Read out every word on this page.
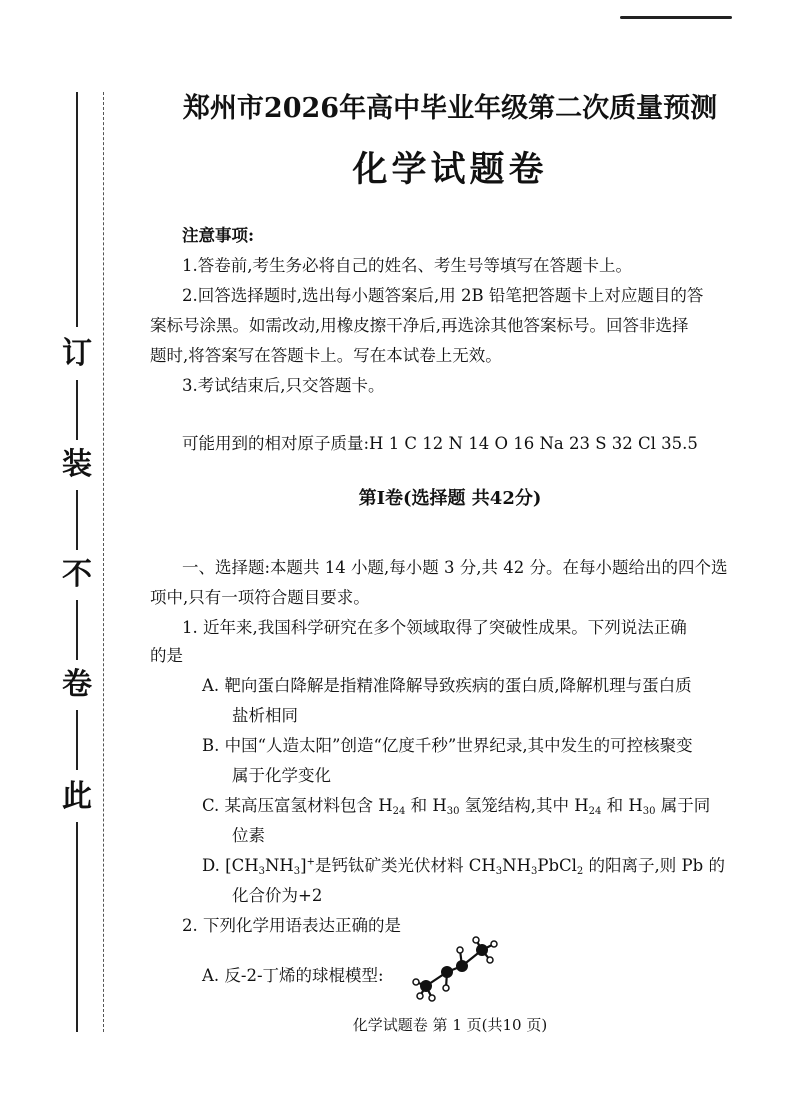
订
装
不
卷
此
郑州市2026年高中毕业年级第二次质量预测
化学试题卷
注意事项:
1.答卷前,考生务必将自己的姓名、考生号等填写在答题卡上。
2.回答选择题时,选出每小题答案后,用 2B 铅笔把答题卡上对应题目的答
案标号涂黑。如需改动,用橡皮擦干净后,再选涂其他答案标号。回答非选择
题时,将答案写在答题卡上。写在本试卷上无效。
3.考试结束后,只交答题卡。
可能用到的相对原子质量:H 1 C 12 N 14 O 16 Na 23 S 32 Cl 35.5
第Ⅰ卷(选择题 共42分)
一、选择题:本题共 14 小题,每小题 3 分,共 42 分。在每小题给出的四个选
项中,只有一项符合题目要求。
1. 近年来,我国科学研究在多个领域取得了突破性成果。下列说法正确
的是
A. 靶向蛋白降解是指精准降解导致疾病的蛋白质,降解机理与蛋白质
盐析相同
B. 中国“人造太阳”创造“亿度千秒”世界纪录,其中发生的可控核聚变
属于化学变化
C. 某高压富氢材料包含 $H_{24}$ 和 $H_{30}$ 氢笼结构,其中 $H_{24}$ 和 $H_{30}$ 属于同
位素
D. $[CH_3NH_3]^+$是钙钛矿类光伏材料 $CH_3NH_3PbCl_2$ 的阳离子,则 Pb 的
化合价为+2
2. 下列化学用语表达正确的是
A. 反-2-丁烯的球棍模型:
化学试题卷 第 1 页(共10 页)
